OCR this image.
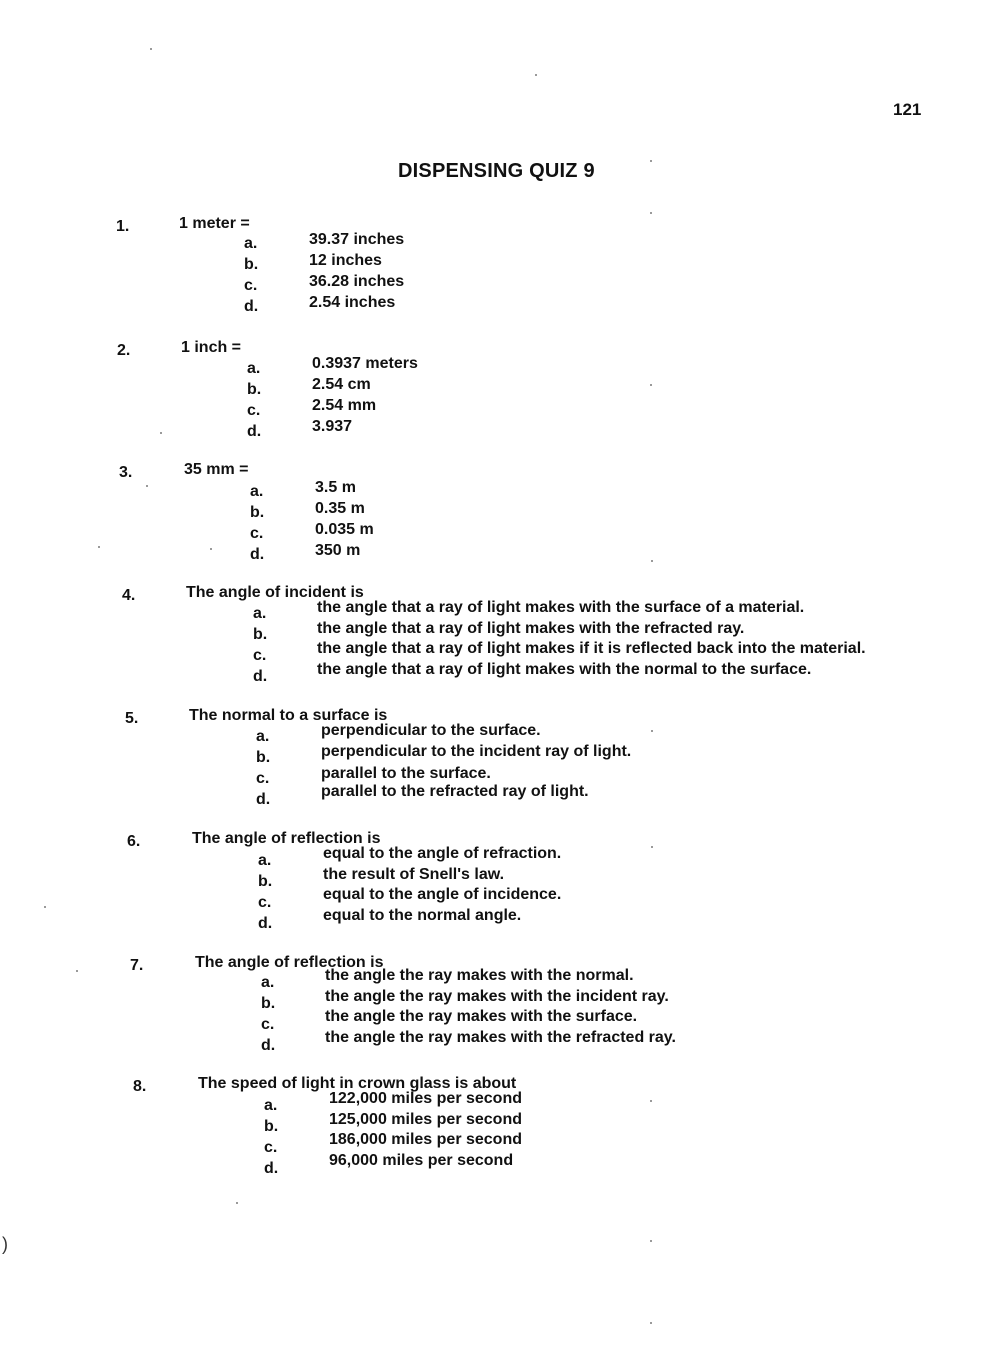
121
DISPENSING QUIZ 9
1.	1 meter =
a.	39.37 inches
b.	12 inches
c.	36.28 inches
d.	2.54 inches
2.	1 inch =
a.	0.3937 meters
b.	2.54 cm
c.	2.54 mm
d.	3.937
3.	35 mm =
a.	3.5 m
b.	0.35 m
c.	0.035 m
d.	350 m
4.	The angle of incident is
a.	the angle that a ray of light makes with the surface of a material.
b.	the angle that a ray of light makes with the refracted ray.
c.	the angle that a ray of light makes if it is reflected back into the material.
d.	the angle that a ray of light makes with the normal to the surface.
5.	The normal to a surface is
a.	perpendicular to the surface.
b.	perpendicular to the incident ray of light.
c.	parallel to the surface.
d.	parallel to the refracted ray of light.
6.	The angle of reflection is
a.	equal to the angle of refraction.
b.	the result of Snell's law.
c.	equal to the angle of incidence.
d.	equal to the normal angle.
7.	The angle of reflection is
a.	the angle the ray makes with the normal.
b.	the angle the ray makes with the incident ray.
c.	the angle the ray makes with the surface.
d.	the angle the ray makes with the refracted ray.
8.	The speed of light in crown glass is about
a.	122,000 miles per second
b.	125,000 miles per second
c.	186,000 miles per second
d.	96,000 miles per second
)
